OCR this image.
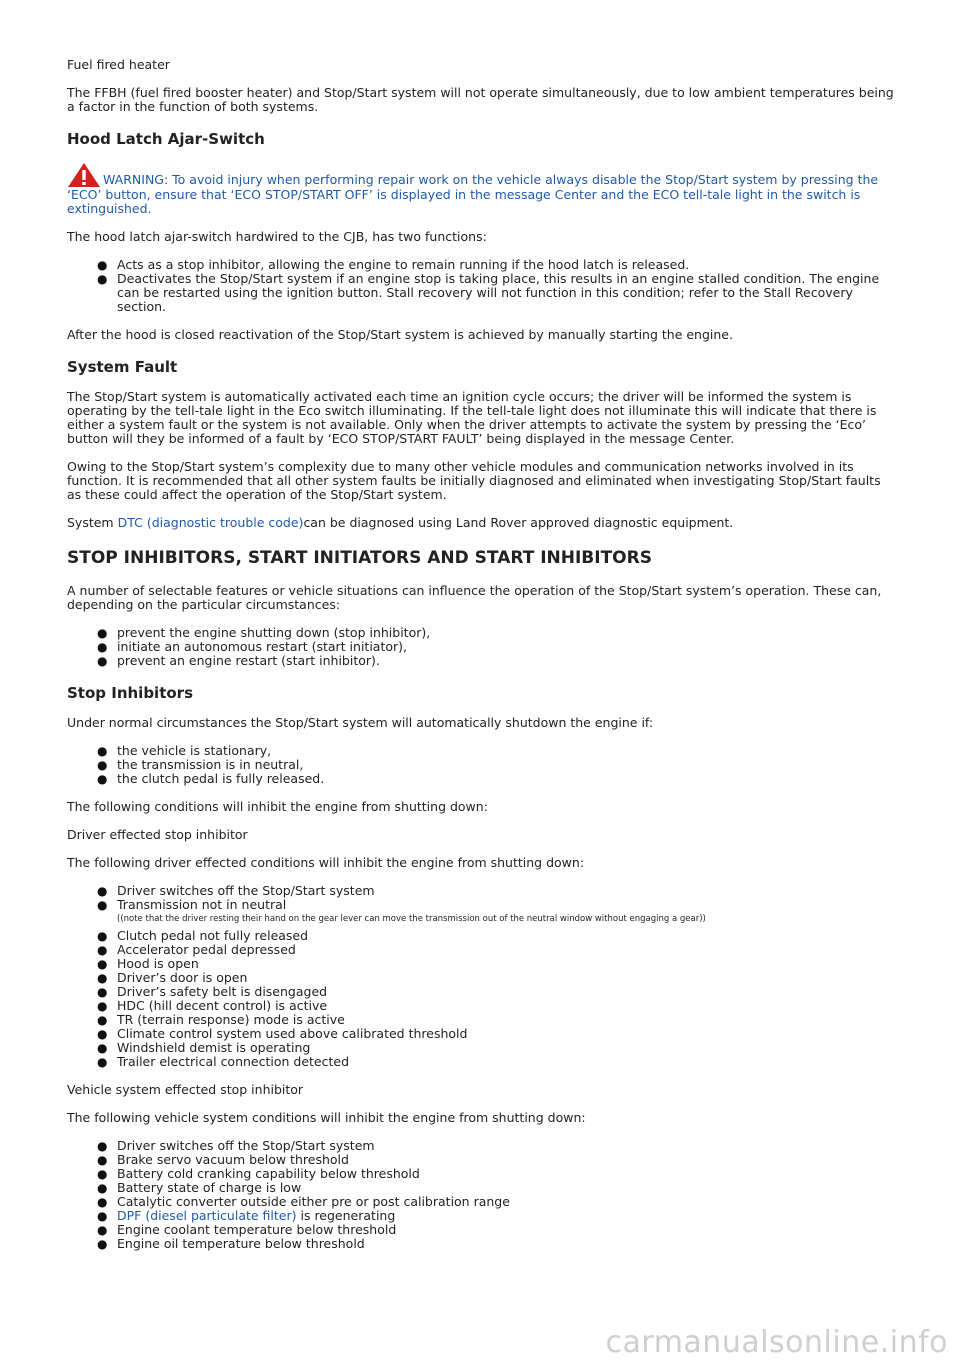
Fuel fired heater

The FFBH (fuel fired booster heater) and Stop/Start system will not operate simultaneously, due to low ambient temperatures being a factor in the function of both systems.

Hood Latch Ajar-Switch

WARNING: To avoid injury when performing repair work on the vehicle always disable the Stop/Start system by pressing the ‘ECO’ button, ensure that ‘ECO STOP/START OFF’ is displayed in the message Center and the ECO tell-tale light in the switch is extinguished.

The hood latch ajar-switch hardwired to the CJB, has two functions:

● Acts as a stop inhibitor, allowing the engine to remain running if the hood latch is released.
● Deactivates the Stop/Start system if an engine stop is taking place, this results in an engine stalled condition. The engine can be restarted using the ignition button. Stall recovery will not function in this condition; refer to the Stall Recovery section.

After the hood is closed reactivation of the Stop/Start system is achieved by manually starting the engine.

System Fault

The Stop/Start system is automatically activated each time an ignition cycle occurs; the driver will be informed the system is operating by the tell-tale light in the Eco switch illuminating. If the tell-tale light does not illuminate this will indicate that there is either a system fault or the system is not available. Only when the driver attempts to activate the system by pressing the ‘Eco’ button will they be informed of a fault by ‘ECO STOP/START FAULT’ being displayed in the message Center.

Owing to the Stop/Start system’s complexity due to many other vehicle modules and communication networks involved in its function. It is recommended that all other system faults be initially diagnosed and eliminated when investigating Stop/Start faults as these could affect the operation of the Stop/Start system.

System DTC (diagnostic trouble code)can be diagnosed using Land Rover approved diagnostic equipment.

STOP INHIBITORS, START INITIATORS AND START INHIBITORS

A number of selectable features or vehicle situations can influence the operation of the Stop/Start system’s operation. These can, depending on the particular circumstances:

● prevent the engine shutting down (stop inhibitor),
● initiate an autonomous restart (start initiator),
● prevent an engine restart (start inhibitor).
Stop Inhibitors

Under normal circumstances the Stop/Start system will automatically shutdown the engine if:

● the vehicle is stationary,
● the transmission is in neutral,
● the clutch pedal is fully released.

The following conditions will inhibit the engine from shutting down:

Driver effected stop inhibitor

The following driver effected conditions will inhibit the engine from shutting down:

● Driver switches off the Stop/Start system
● Transmission not in neutral
((note that the driver resting their hand on the gear lever can move the transmission out of the neutral window without engaging a gear))
● Clutch pedal not fully released
● Accelerator pedal depressed
● Hood is open
● Driver’s door is open
● Driver’s safety belt is disengaged
● HDC (hill decent control) is active
● TR (terrain response) mode is active
● Climate control system used above calibrated threshold
● Windshield demist is operating
● Trailer electrical connection detected

Vehicle system effected stop inhibitor

The following vehicle system conditions will inhibit the engine from shutting down:

● Driver switches off the Stop/Start system
● Brake servo vacuum below threshold
● Battery cold cranking capability below threshold
● Battery state of charge is low
● Catalytic converter outside either pre or post calibration range
● DPF (diesel particulate filter) is regenerating
● Engine coolant temperature below threshold
● Engine oil temperature below threshold
carmanualsonline.info
